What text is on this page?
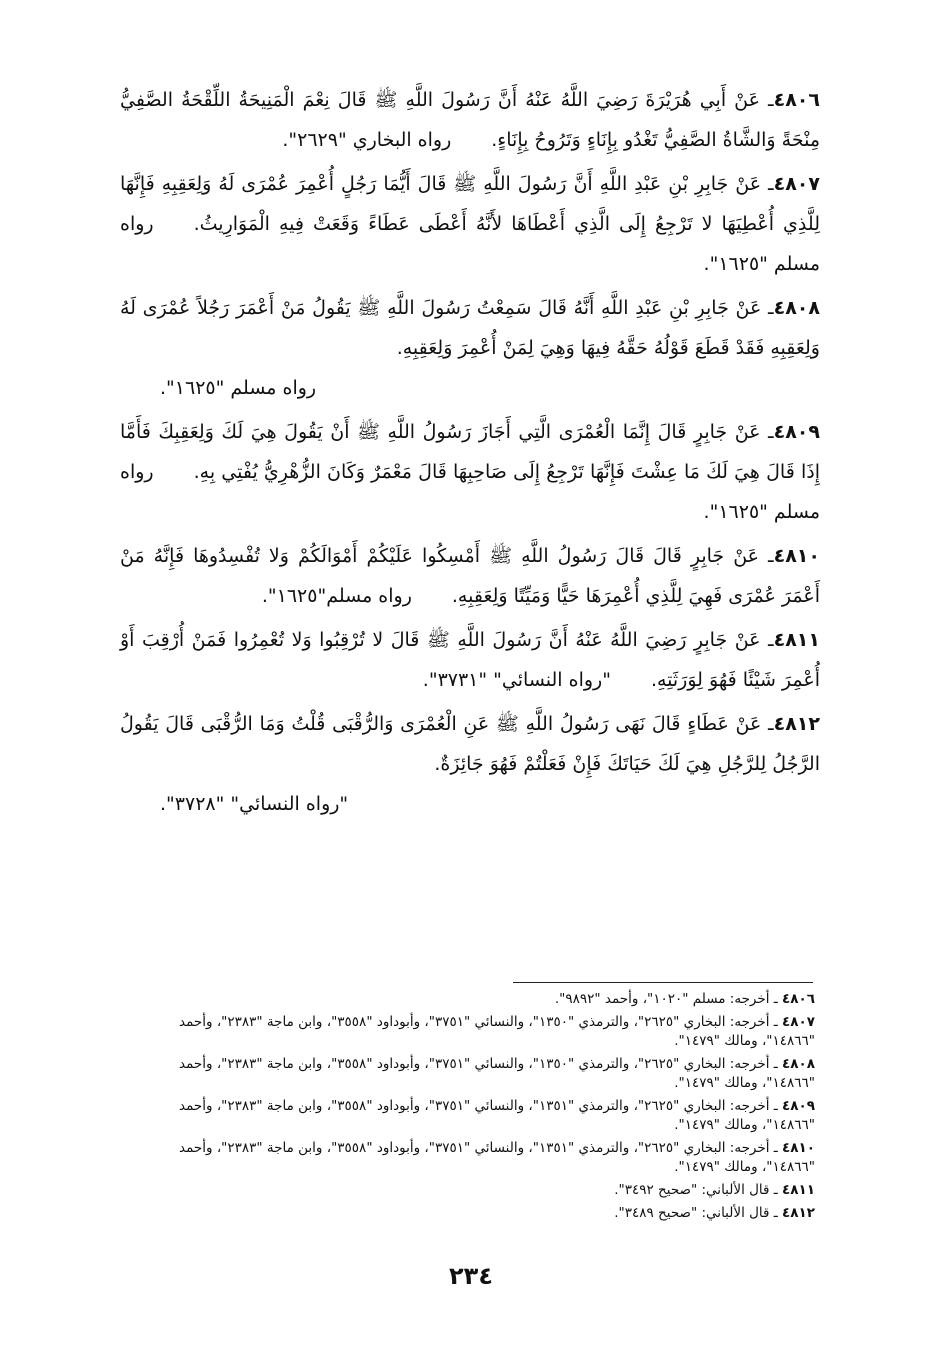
٤٨٠٦ـ عَنْ أَبِي هُرَيْرَةَ رَضِيَ اللَّهُ عَنْهُ أَنَّ رَسُولَ اللَّهِ ﷺ قَالَ نِعْمَ الْمَنِيحَةُ اللِّقْحَةُ الصَّفِيُّ مِنْحَةً وَالشَّاةُ الصَّفِيُّ تَغْدُو بِإِنَاءٍ وَتَرُوحُ بِإِنَاءٍ.رواه البخاري "٢٦٢٩".

٤٨٠٧ـ عَنْ جَابِرِ بْنِ عَبْدِ اللَّهِ أَنَّ رَسُولَ اللَّهِ ﷺ قَالَ أَيُّمَا رَجُلٍ أُعْمِرَ عُمْرَى لَهُ وَلِعَقِبِهِ فَإِنَّهَا لِلَّذِي أُعْطِيَهَا لا تَرْجِعُ إِلَى الَّذِي أَعْطَاهَا لأَنَّهُ أَعْطَى عَطَاءً وَقَعَتْ فِيهِ الْمَوَارِيثُ.رواه مسلم "١٦٢٥".

٤٨٠٨ـ عَنْ جَابِرِ بْنِ عَبْدِ اللَّهِ أَنَّهُ قَالَ سَمِعْتُ رَسُولَ اللَّهِ ﷺ يَقُولُ مَنْ أَعْمَرَ رَجُلاً عُمْرَى لَهُ وَلِعَقِبِهِ فَقَدْ قَطَعَ قَوْلُهُ حَقَّهُ فِيهَا وَهِيَ لِمَنْ أُعْمِرَ وَلِعَقِبِهِ.
رواه مسلم "١٦٢٥".

٤٨٠٩ـ عَنْ جَابِرٍ قَالَ إِنَّمَا الْعُمْرَى الَّتِي أَجَازَ رَسُولُ اللَّهِ ﷺ أَنْ يَقُولَ هِيَ لَكَ وَلِعَقِبِكَ فَأَمَّا إِذَا قَالَ هِيَ لَكَ مَا عِشْتَ فَإِنَّهَا تَرْجِعُ إِلَى صَاحِبِهَا قَالَ مَعْمَرٌ وَكَانَ الزُّهْرِيُّ يُفْتِي بِهِ.رواه مسلم "١٦٢٥".

٤٨١٠ـ عَنْ جَابِرٍ قَالَ قَالَ رَسُولُ اللَّهِ ﷺ أَمْسِكُوا عَلَيْكُمْ أَمْوَالَكُمْ وَلا تُفْسِدُوهَا فَإِنَّهُ مَنْ أَعْمَرَ عُمْرَى فَهِيَ لِلَّذِي أُعْمِرَهَا حَيًّا وَمَيِّتًا وَلِعَقِبِهِ.رواه مسلم"١٦٢٥".

٤٨١١ـ عَنْ جَابِرٍ رَضِيَ اللَّهُ عَنْهُ أَنَّ رَسُولَ اللَّهِ ﷺ قَالَ لا تُرْقِبُوا وَلا تُعْمِرُوا فَمَنْ أُرْقِبَ أَوْ أُعْمِرَ شَيْئًا فَهُوَ لِوَرَثَتِهِ."رواه النسائي" "٣٧٣١".

٤٨١٢ـ عَنْ عَطَاءٍ قَالَ نَهَى رَسُولُ اللَّهِ ﷺ عَنِ الْعُمْرَى وَالرُّقْبَى قُلْتُ وَمَا الرُّقْبَى قَالَ يَقُولُ الرَّجُلُ لِلرَّجُلِ هِيَ لَكَ حَيَاتَكَ فَإِنْ فَعَلْتُمْ فَهُوَ جَائِزَةٌ.
"رواه النسائي" "٣٧٢٨".

٤٨٠٦ ـ أخرجه: مسلم "١٠٢٠"، وأحمد "٩٨٩٢".

٤٨٠٧ ـ أخرجه: البخاري "٢٦٢٥"، والترمذي "١٣٥٠"، والنسائي "٣٧٥١"، وأبوداود "٣٥٥٨"، وابن ماجة "٢٣٨٣"، وأحمد "١٤٨٦٦"، ومالك "١٤٧٩".

٤٨٠٨ ـ أخرجه: البخاري "٢٦٢٥"، والترمذي "١٣٥٠"، والنسائي "٣٧٥١"، وأبوداود "٣٥٥٨"، وابن ماجة "٢٣٨٣"، وأحمد "١٤٨٦٦"، ومالك "١٤٧٩".

٤٨٠٩ ـ أخرجه: البخاري "٢٦٢٥"، والترمذي "١٣٥١"، والنسائي "٣٧٥١"، وأبوداود "٣٥٥٨"، وابن ماجة "٢٣٨٣"، وأحمد "١٤٨٦٦"، ومالك "١٤٧٩".

٤٨١٠ ـ أخرجه: البخاري "٢٦٢٥"، والترمذي "١٣٥١"، والنسائي "٣٧٥١"، وأبوداود "٣٥٥٨"، وابن ماجة "٢٣٨٣"، وأحمد "١٤٨٦٦"، ومالك "١٤٧٩".

٤٨١١ ـ قال الألباني: "صحيح ٣٤٩٢".

٤٨١٢ ـ قال الألباني: "صحيح ٣٤٨٩".

٢٣٤
